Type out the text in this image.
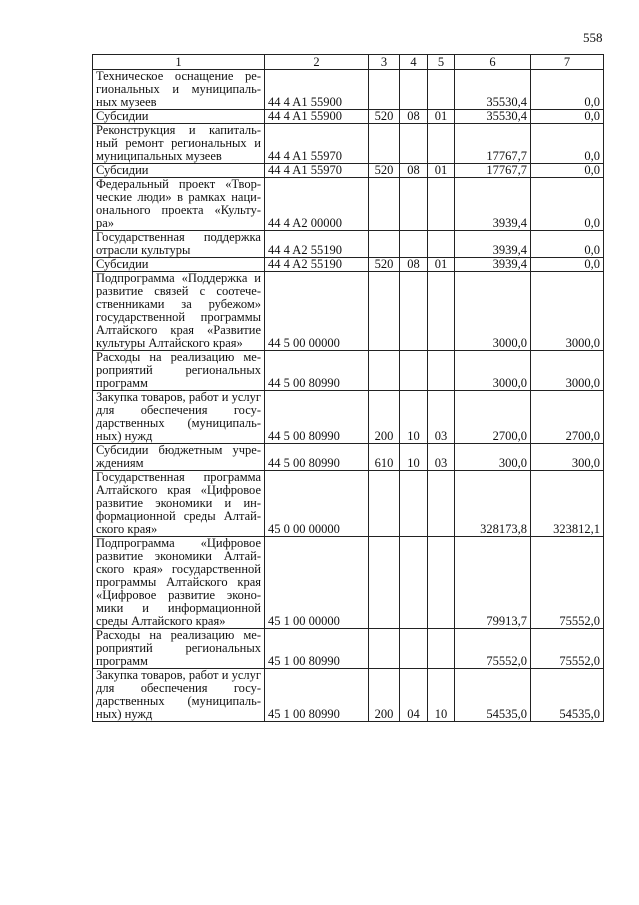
558
1	2	3	4	5	6	7
Техническое оснащение ре-гиональных и муниципаль-ных музеев	44 4 A1 55900				35530,4	0,0
Субсидии	44 4 A1 55900	520	08	01	35530,4	0,0
Реконструкция и капиталь-ный ремонт региональных и муниципальных музеев	44 4 A1 55970				17767,7	0,0
Субсидии	44 4 A1 55970	520	08	01	17767,7	0,0
Федеральный проект «Твор-ческие люди» в рамках наци-онального проекта «Культу-ра»	44 4 A2 00000				3939,4	0,0
Государственная поддержка отрасли культуры	44 4 A2 55190				3939,4	0,0
Субсидии	44 4 A2 55190	520	08	01	3939,4	0,0
Подпрограмма «Поддержка и развитие связей с соотече-ственниками за рубежом» государственной программы Алтайского края «Развитие культуры Алтайского края»	44 5 00 00000				3000,0	3000,0
Расходы на реализацию ме-роприятий региональных программ	44 5 00 80990				3000,0	3000,0
Закупка товаров, работ и услуг для обеспечения госу-дарственных (муниципаль-ных) нужд	44 5 00 80990	200	10	03	2700,0	2700,0
Субсидии бюджетным учре-ждениям	44 5 00 80990	610	10	03	300,0	300,0
Государственная программа Алтайского края «Цифровое развитие экономики и ин-формационной среды Алтай-ского края»	45 0 00 00000				328173,8	323812,1
Подпрограмма «Цифровое развитие экономики Алтай-ского края» государственной программы Алтайского края «Цифровое развитие эконо-мики и информационной среды Алтайского края»	45 1 00 00000				79913,7	75552,0
Расходы на реализацию ме-роприятий региональных программ	45 1 00 80990				75552,0	75552,0
Закупка товаров, работ и услуг для обеспечения госу-дарственных (муниципаль-ных) нужд	45 1 00 80990	200	04	10	54535,0	54535,0
